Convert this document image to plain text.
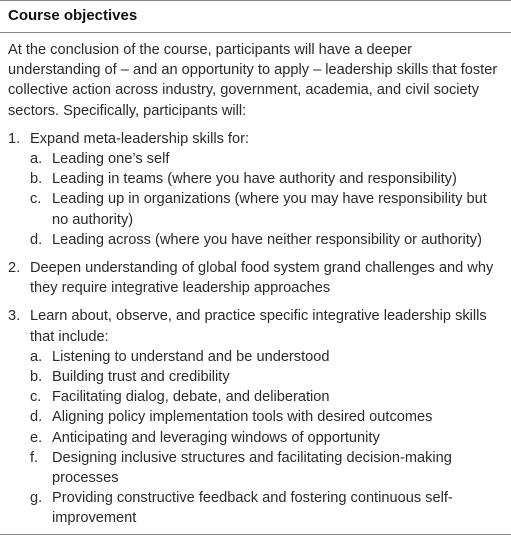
Course objectives

At the conclusion of the course, participants will have a deeper understanding of – and an opportunity to apply – leadership skills that foster collective action across industry, government, academia, and civil society sectors. Specifically, participants will:

1. Expand meta-leadership skills for:
a. Leading one’s self
b. Leading in teams (where you have authority and responsibility)
c. Leading up in organizations (where you may have responsibility but no authority)
d. Leading across (where you have neither responsibility or authority)
2. Deepen understanding of global food system grand challenges and why they require integrative leadership approaches
3. Learn about, observe, and practice specific integrative leadership skills that include:
a. Listening to understand and be understood
b. Building trust and credibility
c. Facilitating dialog, debate, and deliberation
d. Aligning policy implementation tools with desired outcomes
e. Anticipating and leveraging windows of opportunity
f. Designing inclusive structures and facilitating decision-making processes
g. Providing constructive feedback and fostering continuous self-improvement
